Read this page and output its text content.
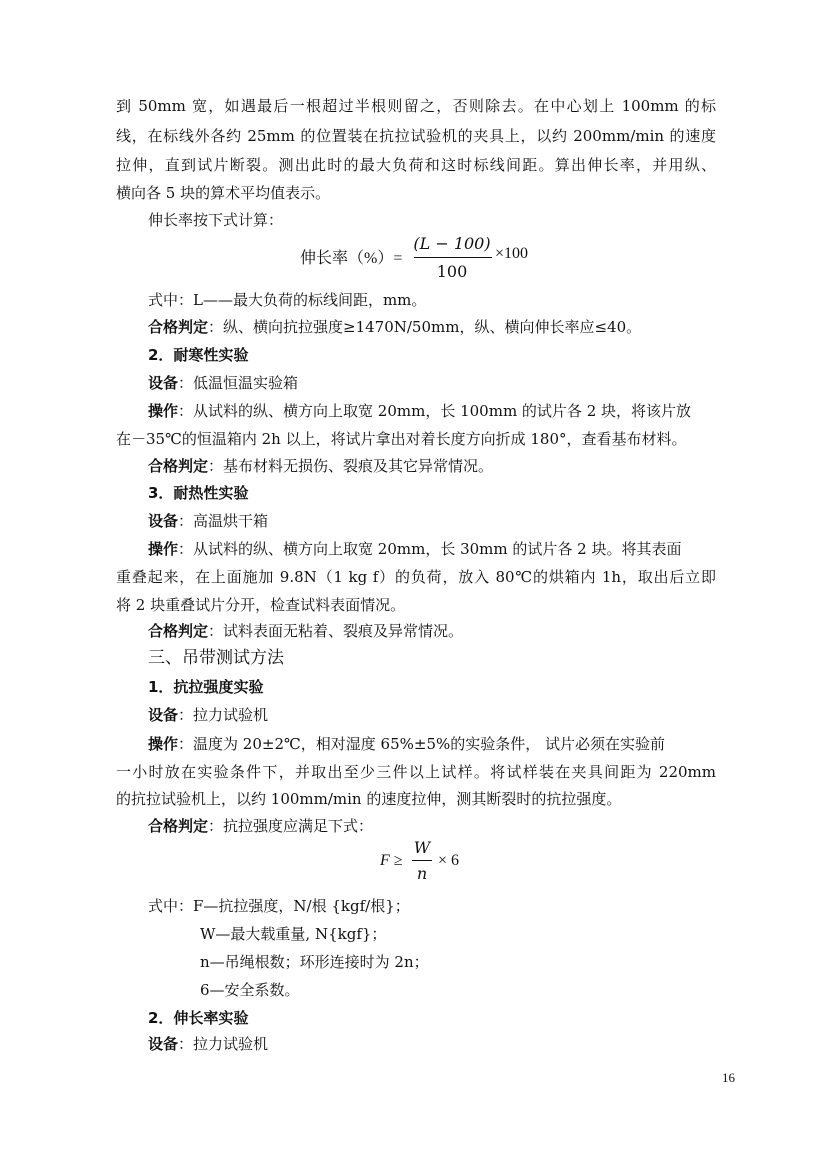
到 50mm 宽，如遇最后一根超过半根则留之，否则除去。在中心划上 100mm 的标
线，在标线外各约 25mm 的位置装在抗拉试验机的夹具上，以约 200mm/min 的速度
拉伸，直到试片断裂。测出此时的最大负荷和这时标线间距。算出伸长率，并用纵、
横向各 5 块的算术平均值表示。
伸长率按下式计算：
伸长率（%）=
(L − 100)
100
×100
式中：L——最大负荷的标线间距，mm。
合格判定：纵、横向抗拉强度≥1470N/50mm，纵、横向伸长率应≤40。
2．耐寒性实验
设备：低温恒温实验箱
操作：从试料的纵、横方向上取宽 20mm，长 100mm 的试片各 2 块，将该片放
在－35℃的恒温箱内 2h 以上，将试片拿出对着长度方向折成 180°，查看基布材料。
合格判定：基布材料无损伤、裂痕及其它异常情况。
3．耐热性实验
设备：高温烘干箱
操作：从试料的纵、横方向上取宽 20mm，长 30mm 的试片各 2 块。将其表面
重叠起来，在上面施加 9.8N（1 kg f）的负荷，放入 80℃的烘箱内 1h，取出后立即
将 2 块重叠试片分开，检查试料表面情况。
合格判定：试料表面无粘着、裂痕及异常情况。
三、吊带测试方法
1．抗拉强度实验
设备：拉力试验机
操作：温度为 20±2℃，相对湿度 65%±5%的实验条件， 试片必须在实验前
一小时放在实验条件下，并取出至少三件以上试样。将试样装在夹具间距为 220mm
的抗拉试验机上，以约 100mm/min 的速度拉伸，测其断裂时的抗拉强度。
合格判定：抗拉强度应满足下式：
F ≥
W
n
× 6
式中：F—抗拉强度，N/根 {kgf/根}；
W—最大载重量, N{kgf}；
n—吊绳根数；环形连接时为 2n；
6—安全系数。
2．伸长率实验
设备：拉力试验机
16
